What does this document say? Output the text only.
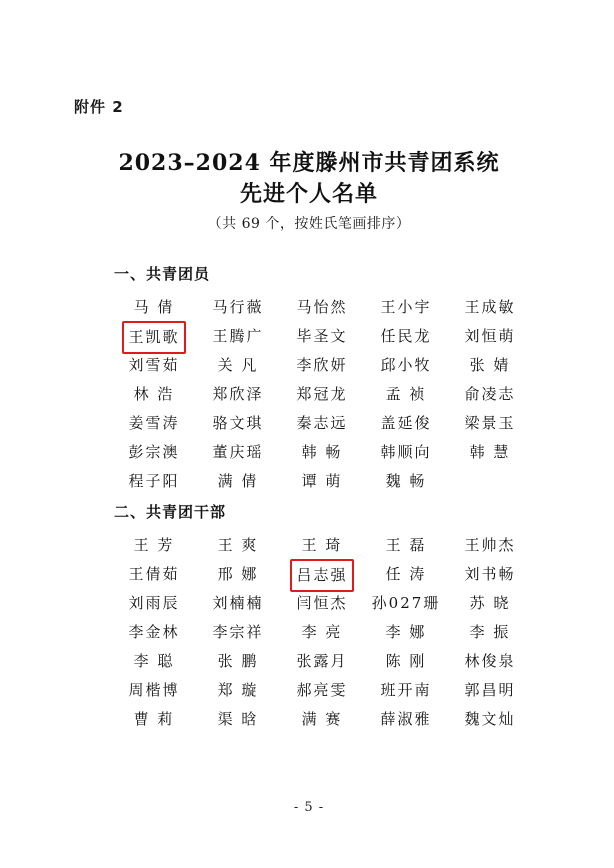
附件 2
2023–2024 年度滕州市共青团系统
先进个人名单
（共 69 个，按姓氏笔画排序）
一、共青团员
马 倩	马行薇	马怡然	王小宇	王成敏
王凯歌	王腾广	毕圣文	任民龙	刘恒萌
刘雪茹	关 凡	李欣妍	邱小牧	张 婧
林 浩	郑欣泽	郑冠龙	孟 祯	俞凌志
姜雪涛	骆文琪	秦志远	盖延俊	梁景玉
彭宗澳	董庆瑶	韩 畅	韩顺向	韩 慧
程子阳	满 倩	谭 萌	魏 畅
二、共青团干部
王 芳	王 爽	王 琦	王 磊	王帅杰
王倩茹	邢 娜	吕志强	任 涛	刘书畅
刘雨辰	刘楠楠	闫恒杰	孙027珊	苏 晓
李金林	李宗祥	李 亮	李 娜	李 振
李 聪	张 鹏	张露月	陈 刚	林俊泉
周楷博	郑 璇	郝亮雯	班开南	郭昌明
曹 莉	渠 晗	满 赛	薛淑雅	魏文灿
- 5 -
